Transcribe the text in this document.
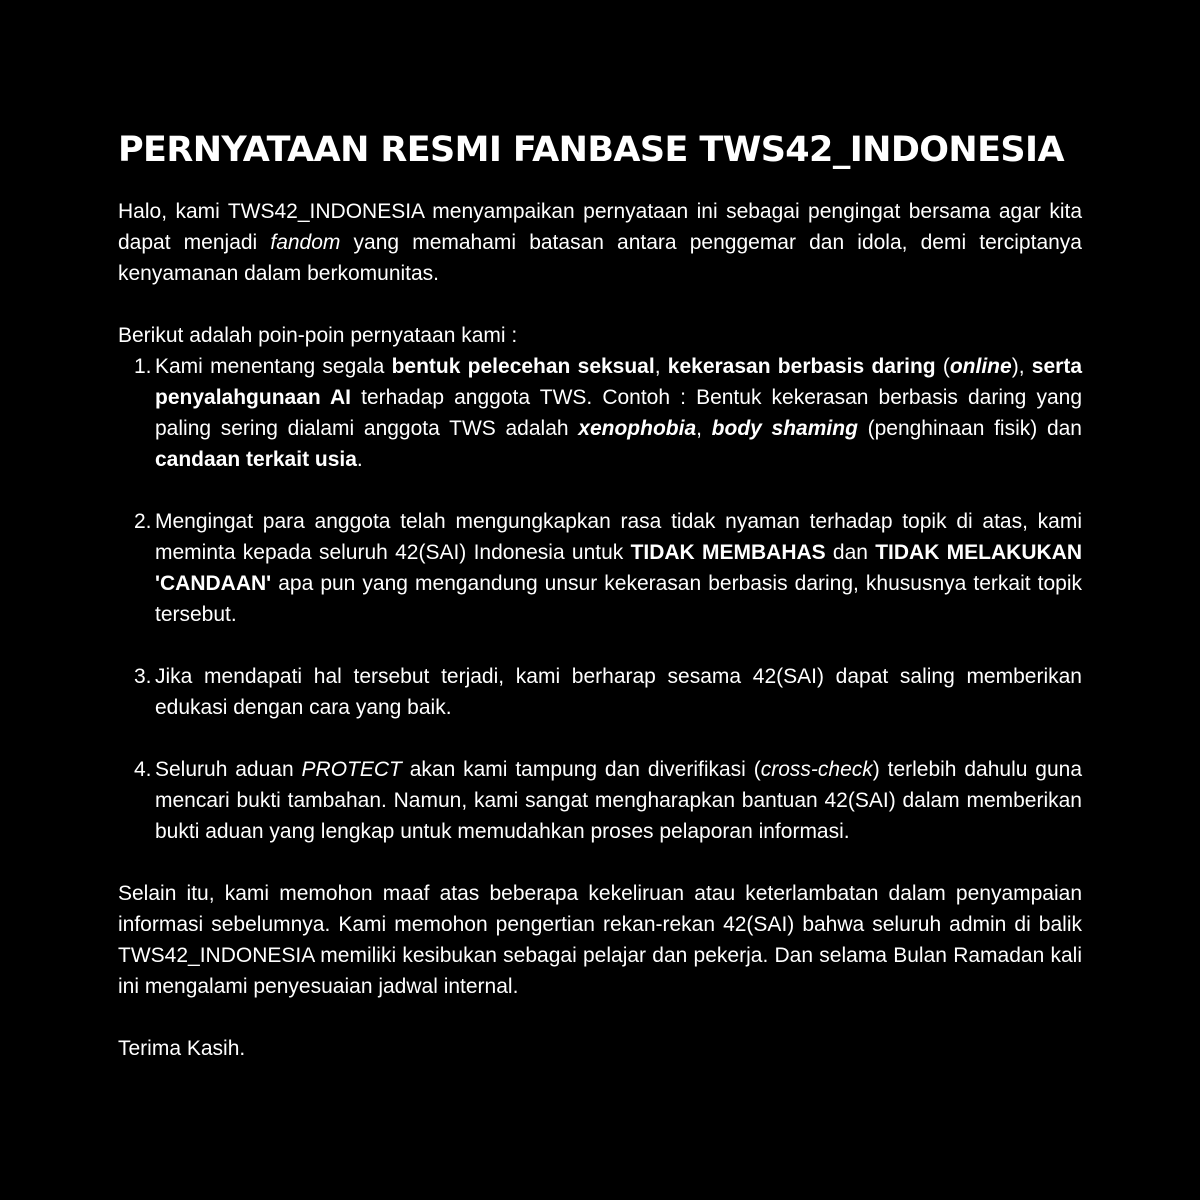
PERNYATAAN RESMI FANBASE TWS42_INDONESIA

Halo, kami TWS42_INDONESIA menyampaikan pernyataan ini sebagai pengingat bersama agar kita dapat menjadi fandom yang memahami batasan antara penggemar dan idola, demi terciptanya kenyamanan dalam berkomunitas.

Berikut adalah poin-poin pernyataan kami :

1. Kami menentang segala bentuk pelecehan seksual, kekerasan berbasis daring (online), serta penyalahgunaan AI terhadap anggota TWS. Contoh : Bentuk kekerasan berbasis daring yang paling sering dialami anggota TWS adalah xenophobia, body shaming (penghinaan fisik) dan candaan terkait usia.
2. Mengingat para anggota telah mengungkapkan rasa tidak nyaman terhadap topik di atas, kami meminta kepada seluruh 42(SAI) Indonesia untuk TIDAK MEMBAHAS dan TIDAK MELAKUKAN 'CANDAAN' apa pun yang mengandung unsur kekerasan berbasis daring, khususnya terkait topik tersebut.
3. Jika mendapati hal tersebut terjadi, kami berharap sesama 42(SAI) dapat saling memberikan edukasi dengan cara yang baik.
4. Seluruh aduan PROTECT akan kami tampung dan diverifikasi (cross-check) terlebih dahulu guna mencari bukti tambahan. Namun, kami sangat mengharapkan bantuan 42(SAI) dalam memberikan bukti aduan yang lengkap untuk memudahkan proses pelaporan informasi.

Selain itu, kami memohon maaf atas beberapa kekeliruan atau keterlambatan dalam penyampaian informasi sebelumnya. Kami memohon pengertian rekan-rekan 42(SAI) bahwa seluruh admin di balik TWS42_INDONESIA memiliki kesibukan sebagai pelajar dan pekerja. Dan selama Bulan Ramadan kali ini mengalami penyesuaian jadwal internal.

Terima Kasih.
